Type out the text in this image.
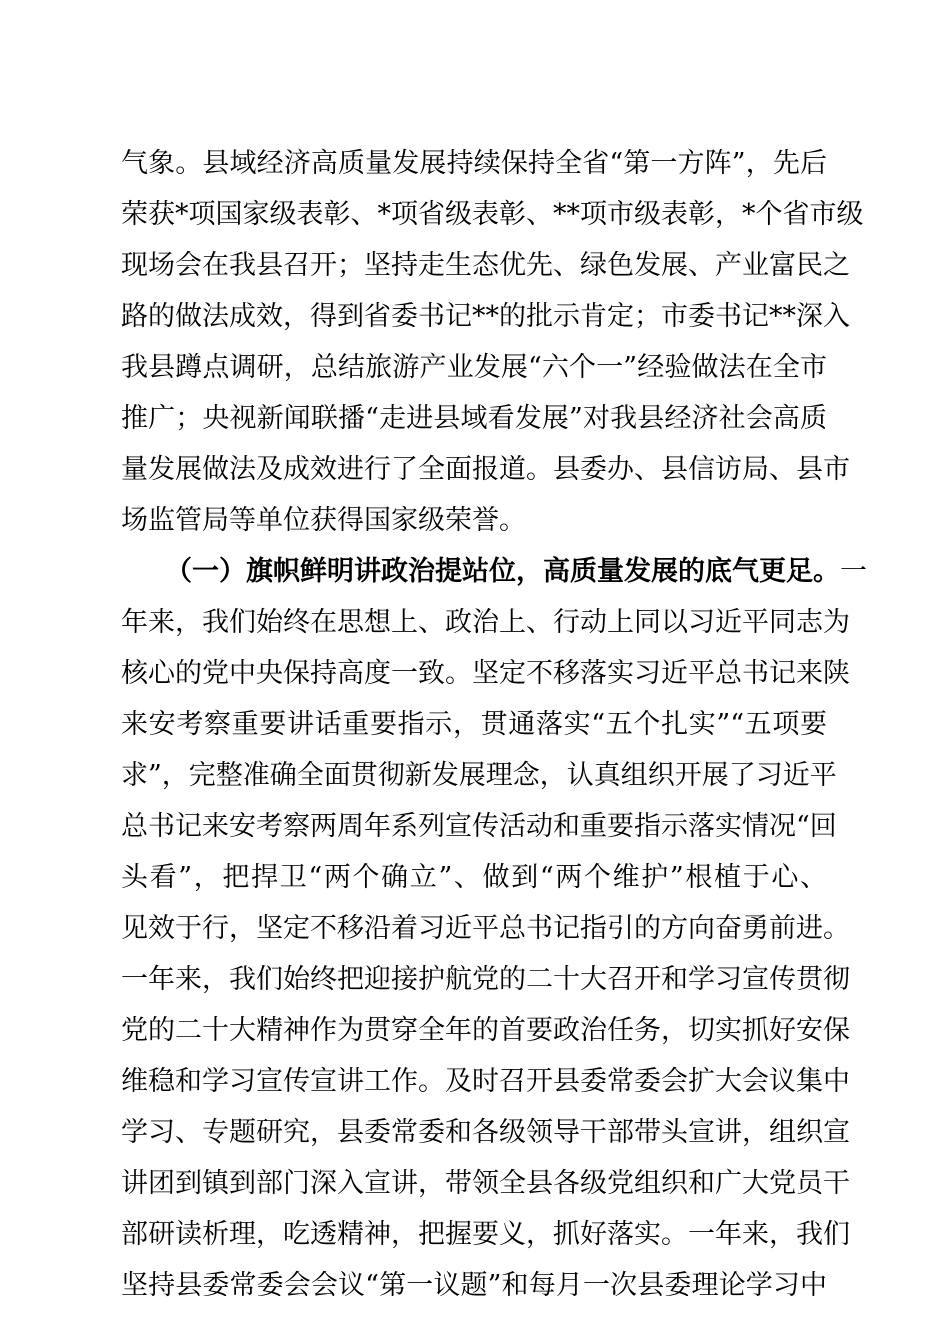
气象。县域经济高质量发展持续保持全省“第一方阵”，先后
荣获*项国家级表彰、*项省级表彰、**项市级表彰，*个省市级
现场会在我县召开；坚持走生态优先、绿色发展、产业富民之
路的做法成效，得到省委书记**的批示肯定；市委书记**深入
我县蹲点调研，总结旅游产业发展“六个一”经验做法在全市
推广；央视新闻联播“走进县域看发展”对我县经济社会高质
量发展做法及成效进行了全面报道。县委办、县信访局、县市
场监管局等单位获得国家级荣誉。
（一）旗帜鲜明讲政治提站位，高质量发展的底气更足。一
年来，我们始终在思想上、政治上、行动上同以习近平同志为
核心的党中央保持高度一致。坚定不移落实习近平总书记来陕
来安考察重要讲话重要指示，贯通落实“五个扎实”“五项要
求”，完整准确全面贯彻新发展理念，认真组织开展了习近平
总书记来安考察两周年系列宣传活动和重要指示落实情况“回
头看”，把捍卫“两个确立”、做到“两个维护”根植于心、
见效于行，坚定不移沿着习近平总书记指引的方向奋勇前进。
一年来，我们始终把迎接护航党的二十大召开和学习宣传贯彻
党的二十大精神作为贯穿全年的首要政治任务，切实抓好安保
维稳和学习宣传宣讲工作。及时召开县委常委会扩大会议集中
学习、专题研究，县委常委和各级领导干部带头宣讲，组织宣
讲团到镇到部门深入宣讲，带领全县各级党组织和广大党员干
部研读析理，吃透精神，把握要义，抓好落实。一年来，我们
坚持县委常委会会议“第一议题”和每月一次县委理论学习中
